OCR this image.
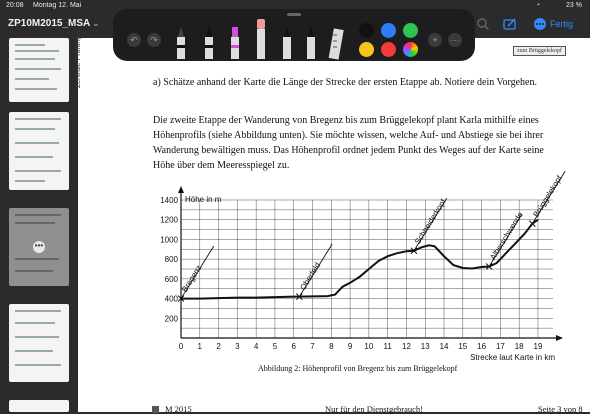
20:08 Montag 12. Mai	◔	23 %
ZP10M2015_MSA ⌄	Fertig
•••
Zentrale Prüfungen	zum Brüggelekopf
a) Schätze anhand der Karte die Länge der Strecke der ersten Etappe ab. Notiere dein Vorgehen.
Die zweite Etappe der Wanderung von Bregenz bis zum Brüggelekopf plant Karla mithilfe eines
Höhenprofils (siehe Abbildung unten). Sie möchte wissen, welche Auf- und Abstiege sie bei ihrer
Wanderung bewältigen muss. Das Höhenprofil ordnet jedem Punkt des Weges auf der Karte seine
Höhe über dem Meeresspiegel zu.
0 1 2 3 4 5 6 7 8 9 10 11 12 13 14 15 16 17 18 19
200
400
600
800
1000
1200
1400
Bregenz	Oberfeld
Schneiderkopf	Alberschwende
Brüggelekopf
Höhe in m
Strecke laut Karte in km
Abbildung 2: Höhenprofil von Bregenz bis zum Brüggelekopf
M 2015	Nur für den Dienstgebrauch!	Seite 3 von 8
↶	↷	+	⋯
